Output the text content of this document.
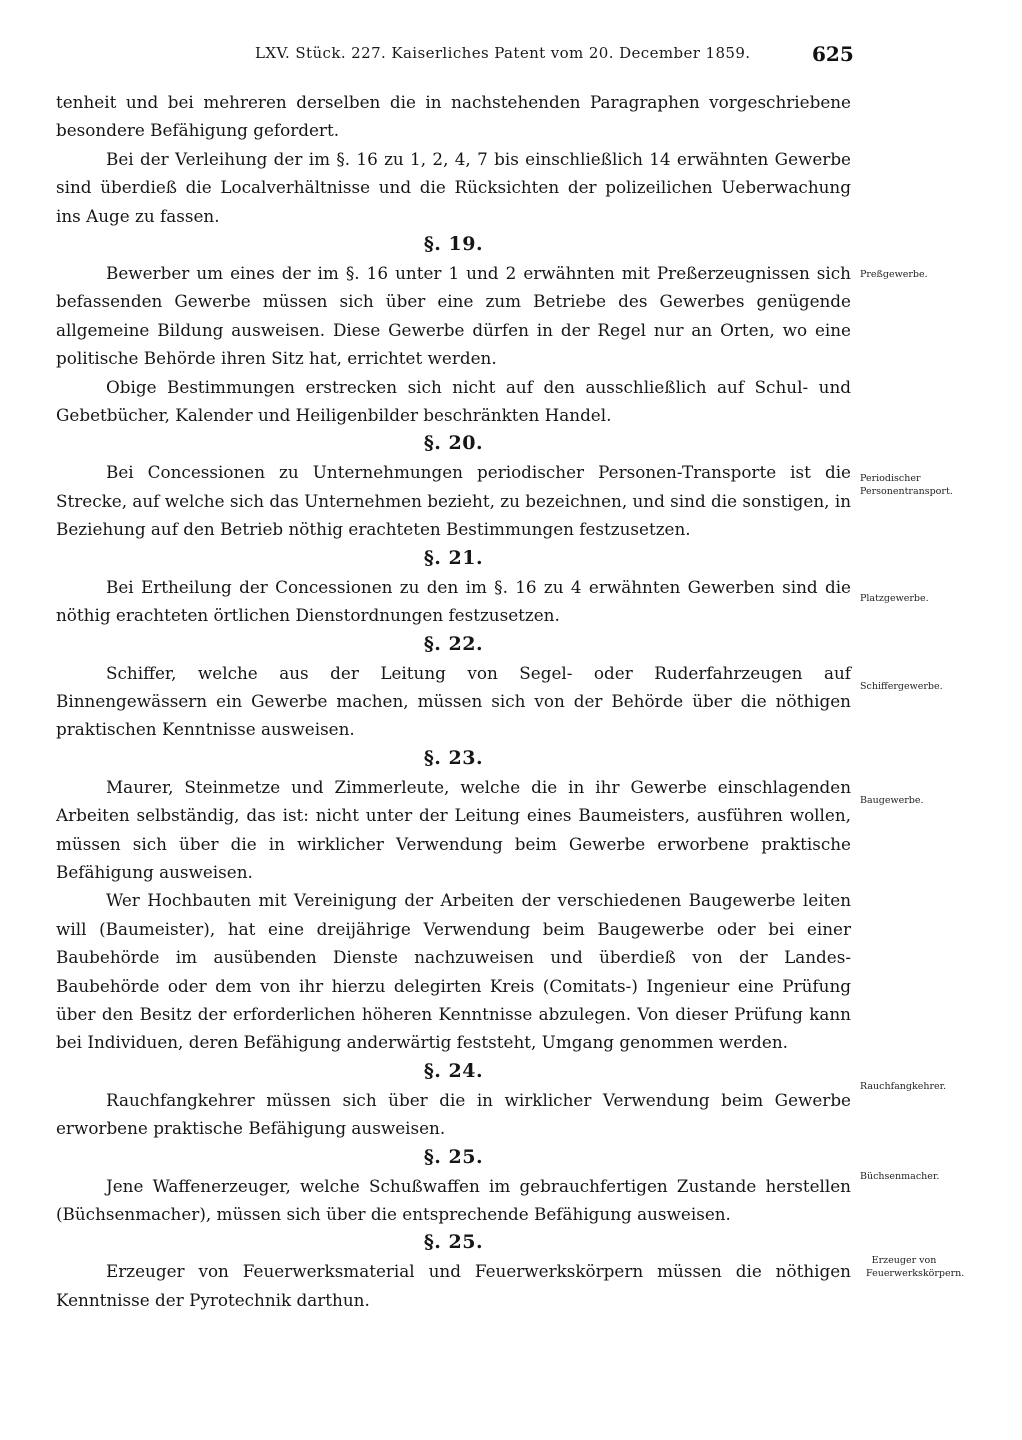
LXV. Stück. 227. Kaiserliches Patent vom 20. December 1859.	625

tenheit und bei mehreren derselben die in nachstehenden Paragraphen vorgeschriebene besondere Befähigung gefordert.

Bei der Verleihung der im §. 16 zu 1, 2, 4, 7 bis einschließlich 14 erwähnten Gewerbe sind überdieß die Localverhältnisse und die Rücksichten der polizeilichen Ueberwachung ins Auge zu fassen.

§. 19.

Bewerber um eines der im §. 16 unter 1 und 2 erwähnten mit Preßerzeugnissen sich befassenden Gewerbe müssen sich über eine zum Betriebe des Gewerbes genügende allgemeine Bildung ausweisen. Diese Gewerbe dürfen in der Regel nur an Orten, wo eine politische Behörde ihren Sitz hat, errichtet werden.

Obige Bestimmungen erstrecken sich nicht auf den ausschließlich auf Schul- und Gebetbücher, Kalender und Heiligenbilder beschränkten Handel.

§. 20.

Bei Concessionen zu Unternehmungen periodischer Personen-Transporte ist die Strecke, auf welche sich das Unternehmen bezieht, zu bezeichnen, und sind die sonstigen, in Beziehung auf den Betrieb nöthig erachteten Bestimmungen festzusetzen.

§. 21.

Bei Ertheilung der Concessionen zu den im §. 16 zu 4 erwähnten Gewerben sind die nöthig erachteten örtlichen Dienstordnungen festzusetzen.

§. 22.

Schiffer, welche aus der Leitung von Segel- oder Ruderfahrzeugen auf Binnengewässern ein Gewerbe machen, müssen sich von der Behörde über die nöthigen praktischen Kenntnisse ausweisen.

§. 23.

Maurer, Steinmetze und Zimmerleute, welche die in ihr Gewerbe einschlagenden Arbeiten selbständig, das ist: nicht unter der Leitung eines Baumeisters, ausführen wollen, müssen sich über die in wirklicher Verwendung beim Gewerbe erworbene praktische Befähigung ausweisen.

Wer Hochbauten mit Vereinigung der Arbeiten der verschiedenen Baugewerbe leiten will (Baumeister), hat eine dreijährige Verwendung beim Baugewerbe oder bei einer Baubehörde im ausübenden Dienste nachzuweisen und überdieß von der Landes-Baubehörde oder dem von ihr hierzu delegirten Kreis (Comitats-) Ingenieur eine Prüfung über den Besitz der erforderlichen höheren Kenntnisse abzulegen. Von dieser Prüfung kann bei Individuen, deren Befähigung anderwärtig feststeht, Umgang genommen werden.

§. 24.

Rauchfangkehrer müssen sich über die in wirklicher Verwendung beim Gewerbe erworbene praktische Befähigung ausweisen.

§. 25.

Jene Waffenerzeuger, welche Schußwaffen im gebrauchfertigen Zustande herstellen (Büchsenmacher), müssen sich über die entsprechende Befähigung ausweisen.

§. 25.

Erzeuger von Feuerwerksmaterial und Feuerwerkskörpern müssen die nöthigen Kenntnisse der Pyrotechnik darthun.

Preßgewerbe.
Periodischer Personentransport.
Platzgewerbe.
Schiffergewerbe.
Baugewerbe.
Rauchfangkehrer.
Büchsenmacher.
Erzeuger von Feuerwerkskörpern.
